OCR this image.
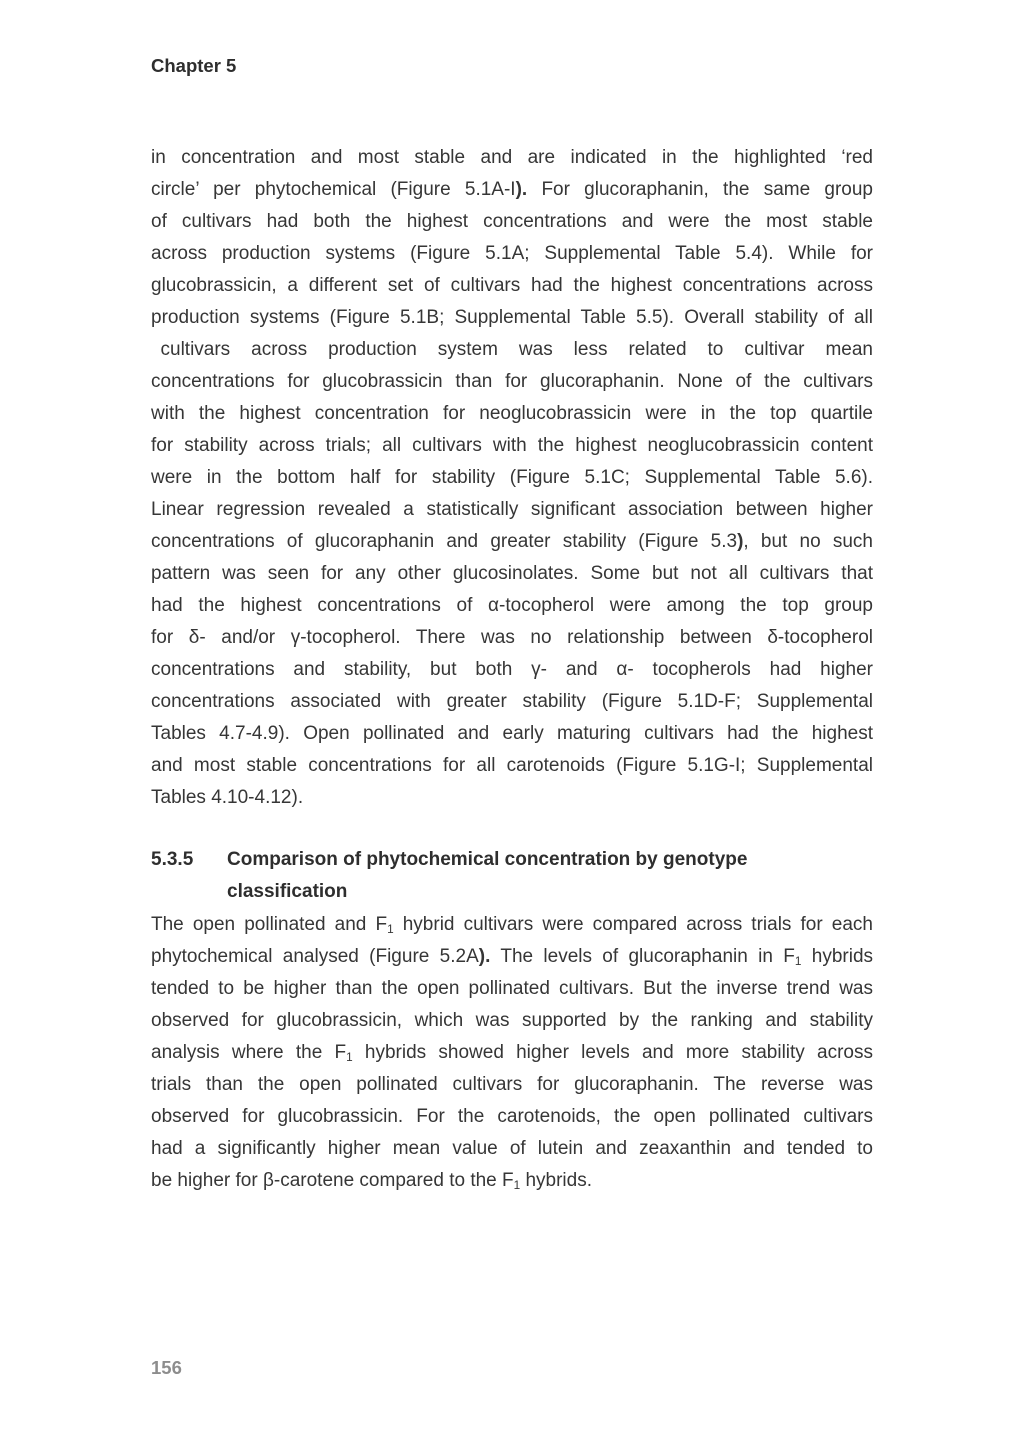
Chapter 5
in concentration and most stable and are indicated in the highlighted ‘red
circle’ per phytochemical (Figure 5.1A-I). For glucoraphanin, the same group
of cultivars had both the highest concentrations and were the most stable
across production systems (Figure 5.1A; Supplemental Table 5.4). While for
glucobrassicin, a different set of cultivars had the highest concentrations across
production systems (Figure 5.1B; Supplemental Table 5.5). Overall stability of all
 cultivars across production system was less related to cultivar mean
concentrations for glucobrassicin than for glucoraphanin. None of the cultivars
with the highest concentration for neoglucobrassicin were in the top quartile
for stability across trials; all cultivars with the highest neoglucobrassicin content
were in the bottom half for stability (Figure 5.1C; Supplemental Table 5.6).
Linear regression revealed a statistically significant association between higher
concentrations of glucoraphanin and greater stability (Figure 5.3), but no such
pattern was seen for any other glucosinolates. Some but not all cultivars that
had the highest concentrations of α-tocopherol were among the top group
for δ- and/or γ-tocopherol. There was no relationship between δ-tocopherol
concentrations and stability, but both γ- and α- tocopherols had higher
concentrations associated with greater stability (Figure 5.1D-F; Supplemental
Tables 4.7-4.9). Open pollinated and early maturing cultivars had the highest
and most stable concentrations for all carotenoids (Figure 5.1G-I; Supplemental
Tables 4.10-4.12).
5.3.5	Comparison of phytochemical concentration by genotype
classification
The open pollinated and $F_1$ hybrid cultivars were compared across trials for each
phytochemical analysed (Figure 5.2A). The levels of glucoraphanin in $F_1$ hybrids
tended to be higher than the open pollinated cultivars. But the inverse trend was
observed for glucobrassicin, which was supported by the ranking and stability
analysis where the $F_1$ hybrids showed higher levels and more stability across
trials than the open pollinated cultivars for glucoraphanin. The reverse was
observed for glucobrassicin. For the carotenoids, the open pollinated cultivars
had a significantly higher mean value of lutein and zeaxanthin and tended to
be higher for β-carotene compared to the $F_1$ hybrids.
156
